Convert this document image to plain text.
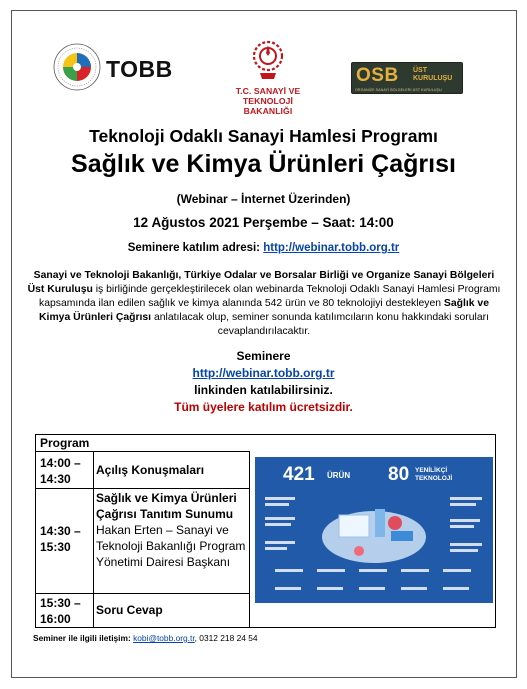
TOBB
T.C. SANAYİ VE
TEKNOLOJİ BAKANLIĞI
OSB ÜST
KURULUŞU
ORGANİZE SANAYİ BÖLGELERİ ÜST KURULUŞU
Teknoloji Odaklı Sanayi Hamlesi Programı
Sağlık ve Kimya Ürünleri Çağrısı
(Webinar – İnternet Üzerinden)
12 Ağustos 2021 Perşembe – Saat: 14:00
Seminere katılım adresi: http://webinar.tobb.org.tr
Sanayi ve Teknoloji Bakanlığı, Türkiye Odalar ve Borsalar Birliği ve Organize Sanayi Bölgeleri Üst Kuruluşu iş birliğinde gerçekleştirilecek olan webinarda Teknoloji Odaklı Sanayi Hamlesi Programı kapsamında ilan edilen sağlık ve kimya alanında 542 ürün ve 80 teknolojiyi destekleyen Sağlık ve Kimya Ürünleri Çağrısı anlatılacak olup, seminer sonunda katılımcıların konu hakkındaki soruları cevaplandırılacaktır.
Seminere
http://webinar.tobb.org.tr
linkinden katılabilirsiniz.
Tüm üyelere katılım ücretsizdir.
Program
14:00 –
14:30
Açılış Konuşmaları
14:30 –
15:30
Sağlık ve Kimya Ürünleri Çağrısı Tanıtım Sunumu
Hakan Erten – Sanayi ve Teknoloji Bakanlığı Program Yönetimi Dairesi Başkanı
15:30 –
16:00
Soru Cevap
421 ÜRÜN 80 YENİLİKÇİ
TEKNOLOJİ
Seminer ile ilgili iletişim: kobi@tobb.org.tr, 0312 218 24 54
